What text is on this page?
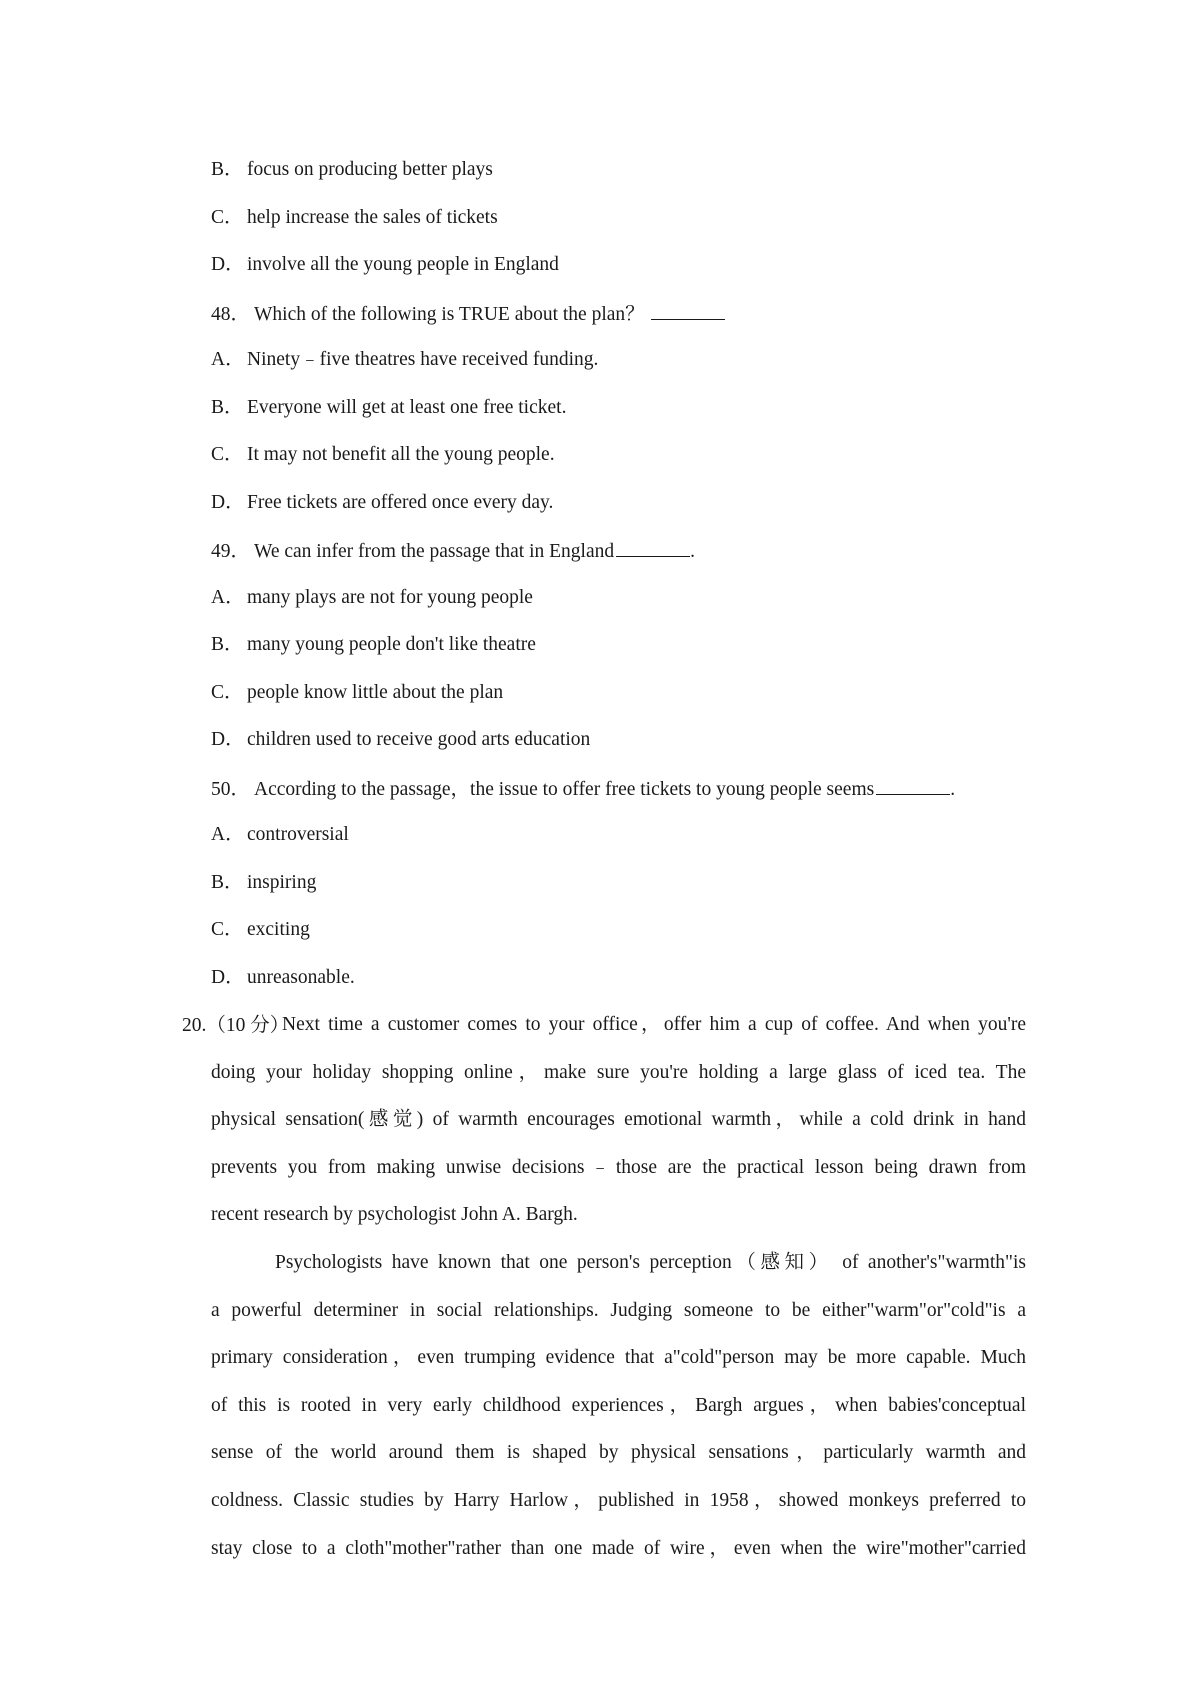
B． focus on producing better plays
C． help increase the sales of tickets
D． involve all the young people in England
48． Which of the following is TRUE about the plan？
A． Ninety﹣five theatres have received funding.
B． Everyone will get at least one free ticket.
C． It may not benefit all the young people.
D． Free tickets are offered once every day.
49． We can infer from the passage that in England	.
A． many plays are not for young people
B． many young people don't like theatre
C． people know little about the plan
D． children used to receive good arts education
50． According to the passage，the issue to offer free tickets to young people seems	.
A． controversial
B． inspiring
C． exciting
D． unreasonable.
20.（10 分）
Next time a customer comes to your office，offer him a cup of coffee. And when you're
doing your holiday shopping online，make sure you're holding a large glass of iced tea. The
physical sensation(感觉) of warmth encourages emotional warmth，while a cold drink in hand
prevents you from making unwise decisions﹣those are the practical lesson being drawn from
recent research by psychologist John A. Bargh.
Psychologists have known that one person's perception（感知） of another's"warmth"is
a powerful determiner in social relationships. Judging someone to be either"warm"or"cold"is a
primary consideration，even trumping evidence that a"cold"person may be more capable. Much
of this is rooted in very early childhood experiences，Bargh argues，when babies'conceptual
sense of the world around them is shaped by physical sensations，particularly warmth and
coldness. Classic studies by Harry Harlow，published in 1958，showed monkeys preferred to
stay close to a cloth"mother"rather than one made of wire，even when the wire"mother"carried
